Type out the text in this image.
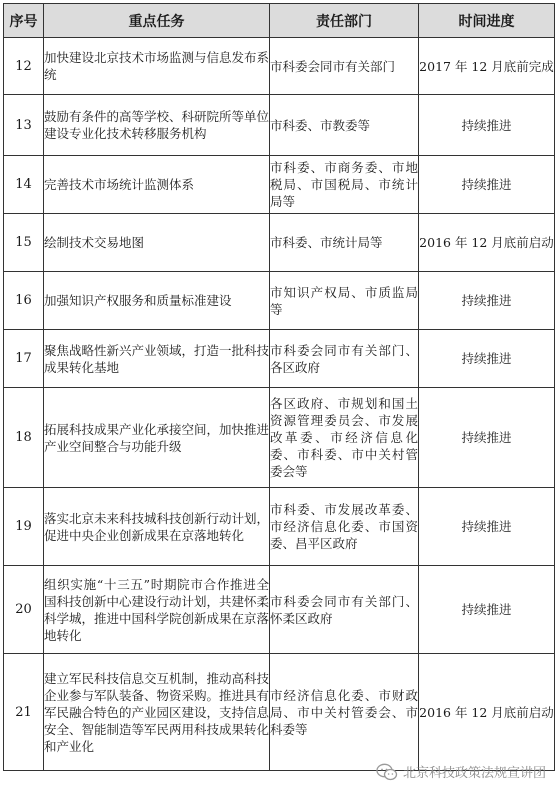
序号	重点任务	责任部门	时间进度
12	加快建设北京技术市场监测与信息发布系统	市科委会同市有关部门	2017 年 12 月底前完成
13	鼓励有条件的高等学校、科研院所等单位建设专业化技术转移服务机构	市科委、市教委等	持续推进
14	完善技术市场统计监测体系	市科委、市商务委、市地税局、市国税局、市统计局等	持续推进
15	绘制技术交易地图	市科委、市统计局等	2016 年 12 月底前启动
16	加强知识产权服务和质量标准建设	市知识产权局、市质监局等	持续推进
17	聚焦战略性新兴产业领域，打造一批科技成果转化基地	市科委会同市有关部门、各区政府	持续推进
18	拓展科技成果产业化承接空间，加快推进产业空间整合与功能升级	各区政府、市规划和国土资源管理委员会、市发展改革委、市经济信息化委、市科委、市中关村管委会等	持续推进
19	落实北京未来科技城科技创新行动计划，促进中央企业创新成果在京落地转化	市科委、市发展改革委、市经济信息化委、市国资委、昌平区政府	持续推进
20	组织实施“十三五”时期院市合作推进全国科技创新中心建设行动计划，共建怀柔科学城，推进中国科学院创新成果在京落地转化	市科委会同市有关部门、怀柔区政府	持续推进
21	建立军民科技信息交互机制，推动高科技企业参与军队装备、物资采购。推进具有军民融合特色的产业园区建设，支持信息安全、智能制造等军民两用科技成果转化和产业化	市经济信息化委、市财政局、市中关村管委会、市科委等	2016 年 12 月底前启动
北京科技政策法规宣讲团
